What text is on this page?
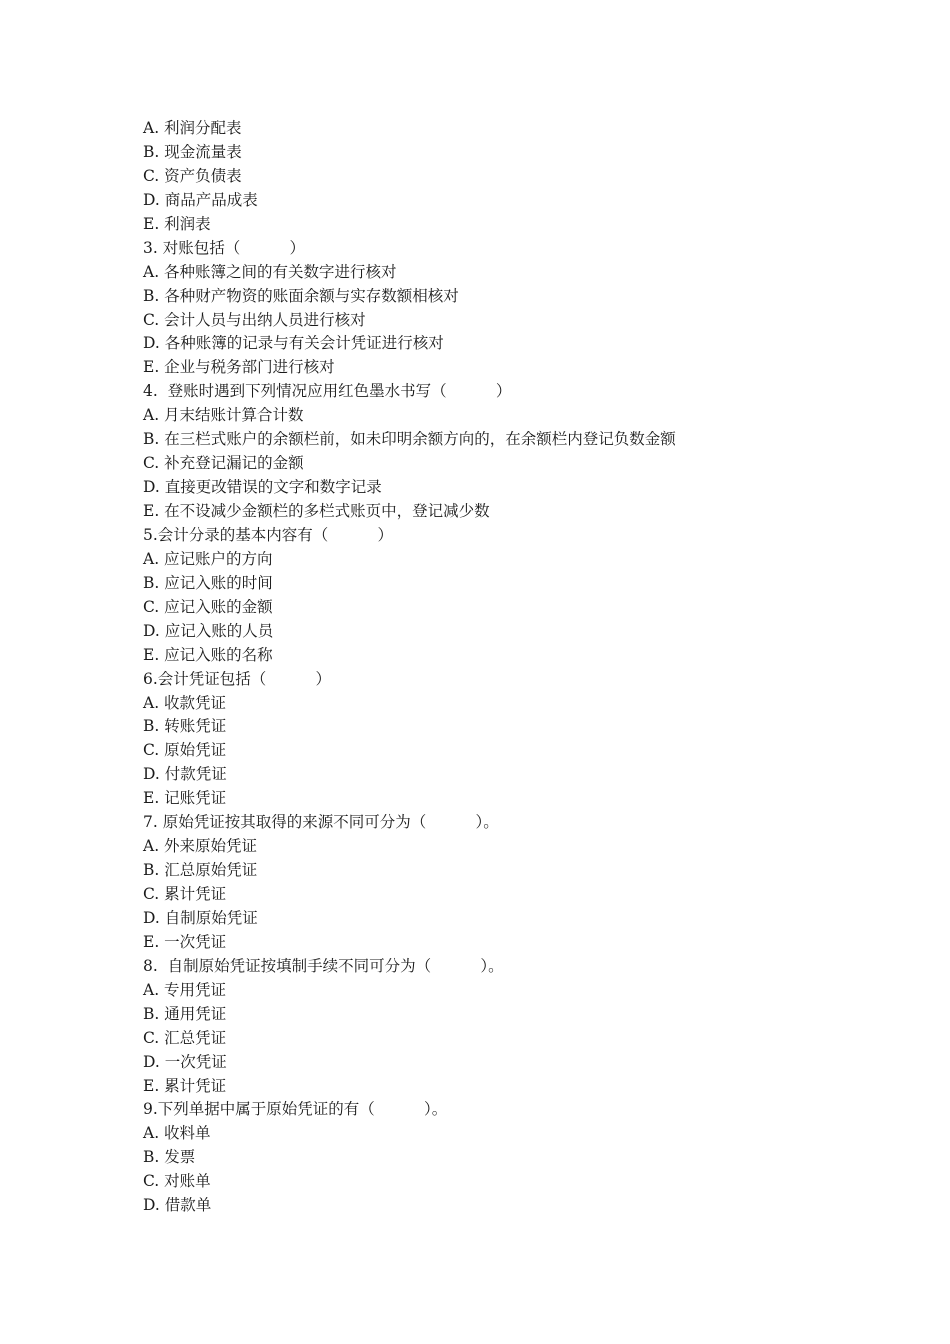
A. 利润分配表
B. 现金流量表
C. 资产负债表
D. 商品产品成表
E. 利润表
3. 对账包括（          ）
A. 各种账簿之间的有关数字进行核对
B. 各种财产物资的账面余额与实存数额相核对
C. 会计人员与出纳人员进行核对
D. 各种账簿的记录与有关会计凭证进行核对
E. 企业与税务部门进行核对
4.  登账时遇到下列情况应用红色墨水书写（          ）
A. 月末结账计算合计数
B. 在三栏式账户的余额栏前，如未印明余额方向的，在余额栏内登记负数金额
C. 补充登记漏记的金额
D. 直接更改错误的文字和数字记录
E. 在不设减少金额栏的多栏式账页中，登记减少数
5.会计分录的基本内容有（          ）
A. 应记账户的方向
B. 应记入账的时间
C. 应记入账的金额
D. 应记入账的人员
E. 应记入账的名称
6.会计凭证包括（          ）
A. 收款凭证
B. 转账凭证
C. 原始凭证
D. 付款凭证
E. 记账凭证
7. 原始凭证按其取得的来源不同可分为（          ）。
A. 外来原始凭证
B. 汇总原始凭证
C. 累计凭证
D. 自制原始凭证
E. 一次凭证
8.  自制原始凭证按填制手续不同可分为（          ）。
A. 专用凭证
B. 通用凭证
C. 汇总凭证
D. 一次凭证
E. 累计凭证
9.下列单据中属于原始凭证的有（          ）。
A. 收料单
B. 发票
C. 对账单
D. 借款单
